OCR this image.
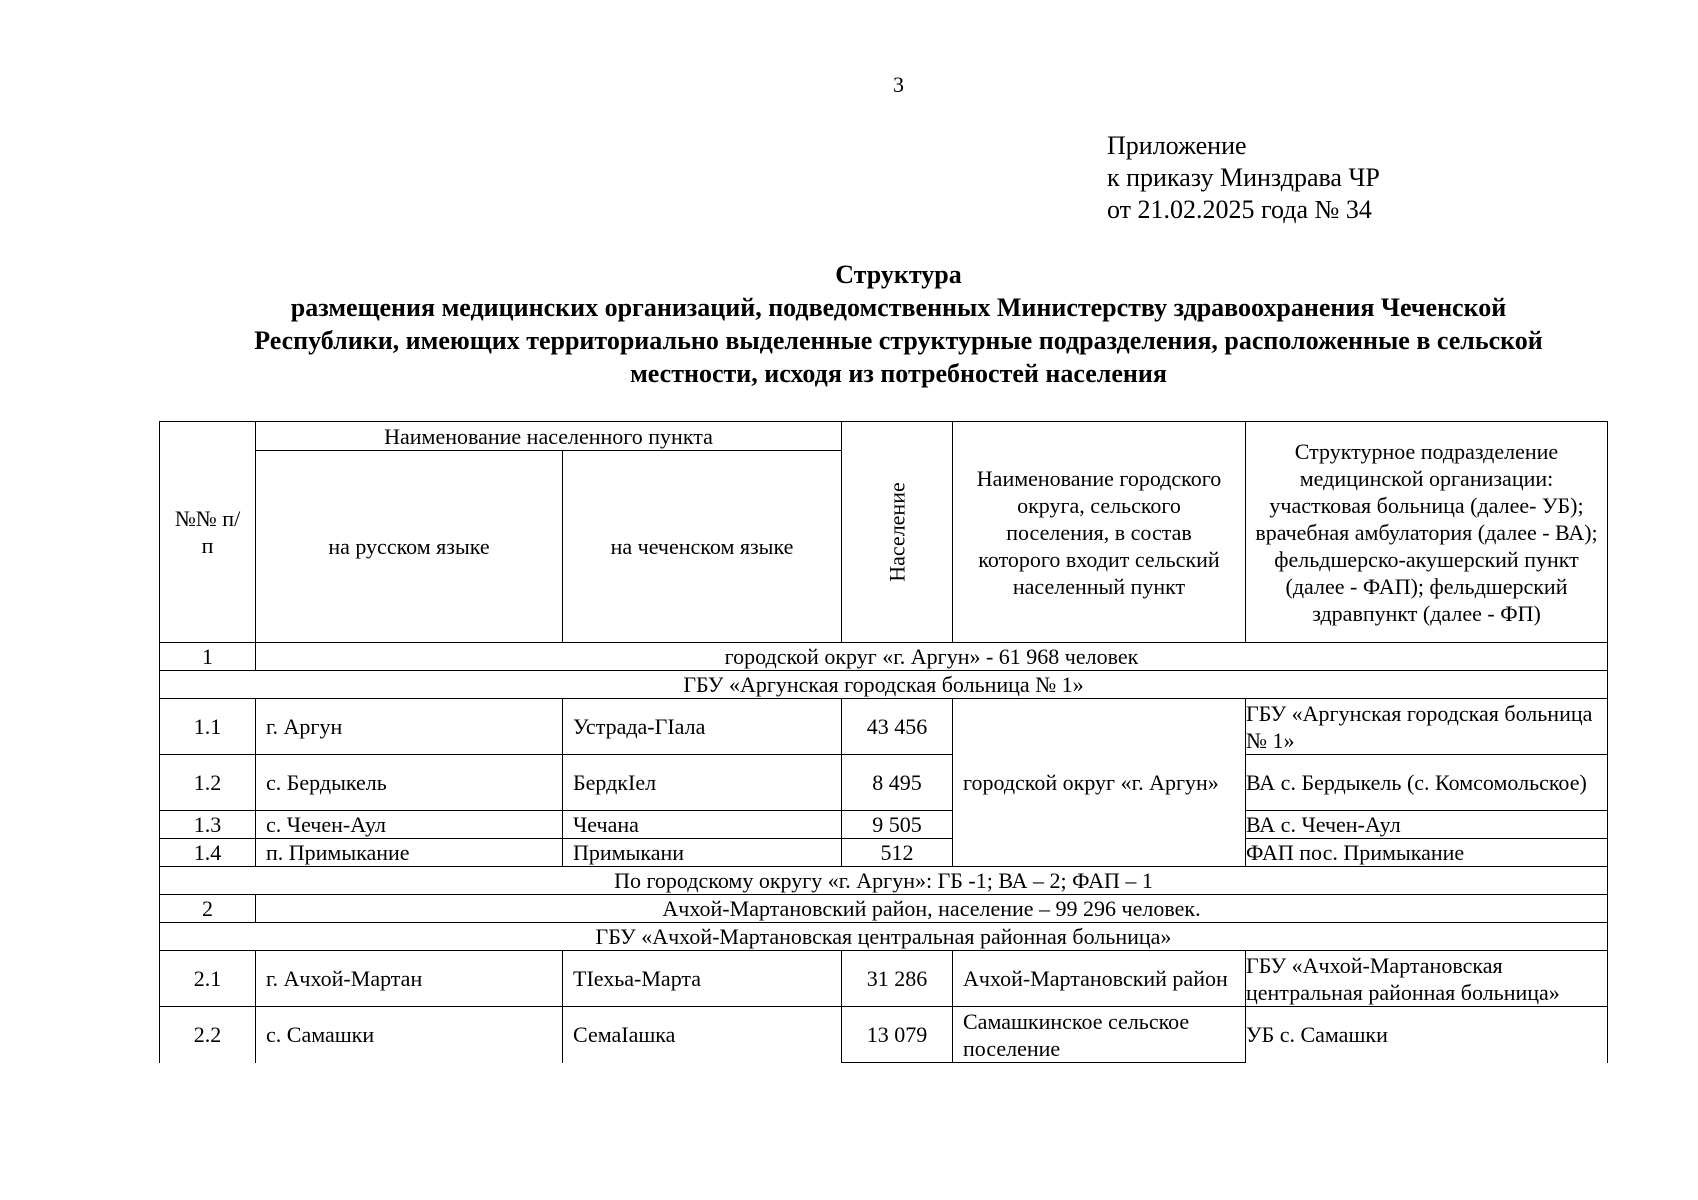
3
Приложение
к приказу Минздрава ЧР
от 21.02.2025 года № 34
Структура
размещения медицинских организаций, подведомственных Министерству здравоохранения Чеченской
Республики, имеющих территориально выделенные структурные подразделения, расположенные в сельской
местности, исходя из потребностей населения
№№ п/п	Наименование населенного пункта		Население	Наименование городского округа, сельского поселения, в состав которого входит сельский населенный пункт	Структурное подразделение медицинской организации: участковая больница (далее- УБ); врачебная амбулатория (далее - ВА); фельдшерско-акушерский пункт (далее - ФАП); фельдшерский здравпункт (далее - ФП)
	на русском языке	на чеченском языке			
1	городской округ «г. Аргун» - 61 968 человек				
ГБУ «Аргунская городская больница № 1»					
1.1	г. Аргун	Устрада-ГIала	43 456	городской округ «г. Аргун»	ГБУ «Аргунская городская больница № 1»
1.2	с. Бердыкель	БердкIел	8 495		ВА с. Бердыкель (с. Комсомольское)
1.3	с. Чечен-Аул	Чечана	9 505		ВА с. Чечен-Аул
1.4	п. Примыкание	Примыкани	512		ФАП пос. Примыкание
По городскому округу «г. Аргун»: ГБ -1; ВА – 2; ФАП – 1					
2	Ачхой-Мартановский район, население – 99 296 человек.				
ГБУ «Ачхой-Мартановская центральная районная больница»					
2.1	г. Ачхой-Мартан	ТIехьа-Марта	31 286	Ачхой-Мартановский район	ГБУ «Ачхой-Мартановская центральная районная больница»
2.2	с. Самашки	СемаIашка	13 079	Самашкинское сельское поселение	УБ с. Самашки
